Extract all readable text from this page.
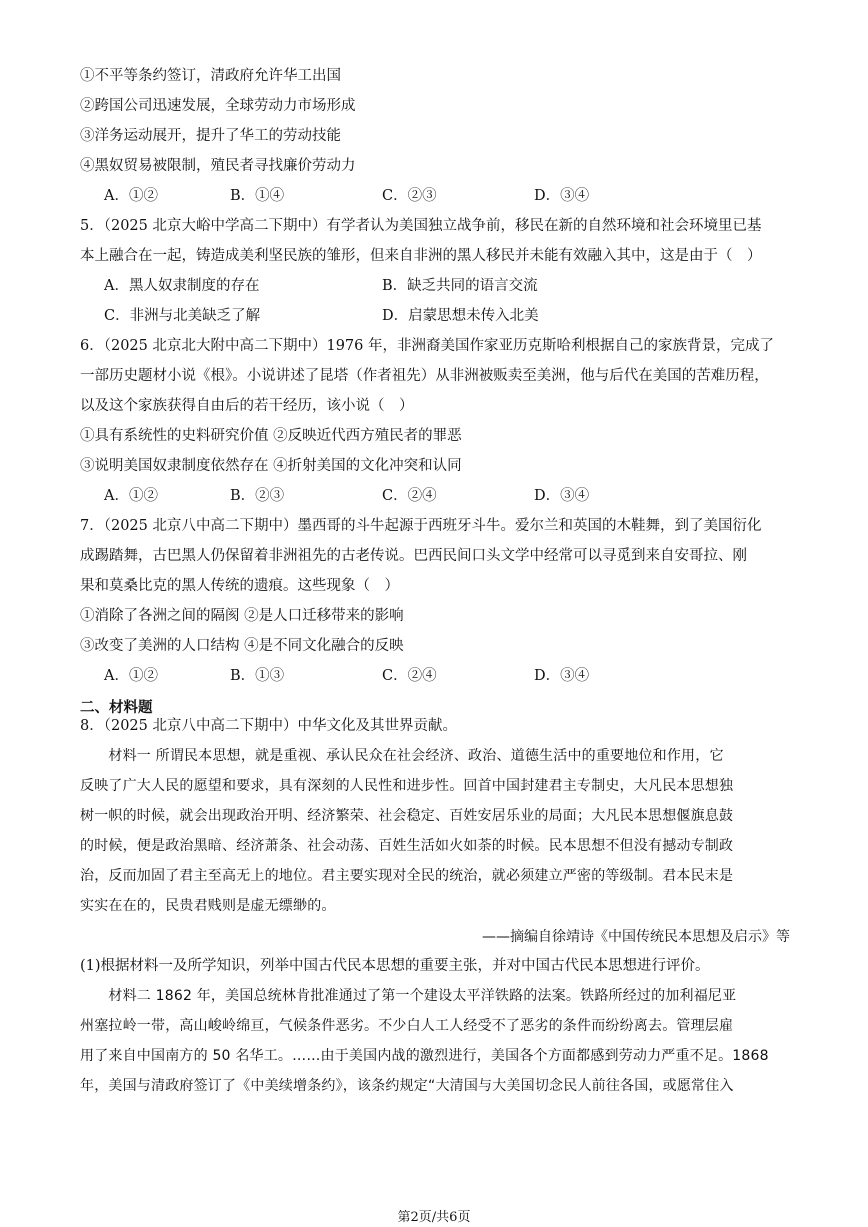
①不平等条约签订，清政府允许华工出国
②跨国公司迅速发展，全球劳动力市场形成
③洋务运动展开，提升了华工的劳动技能
④黑奴贸易被限制，殖民者寻找廉价劳动力
A．①②	B．①④	C．②③	D．③④
5．（2025 北京大峪中学高二下期中）有学者认为美国独立战争前，移民在新的自然环境和社会环境里已基
本上融合在一起，铸造成美利坚民族的雏形，但来自非洲的黑人移民并未能有效融入其中，这是由于（　）
A．黑人奴隶制度的存在	B．缺乏共同的语言交流
C．非洲与北美缺乏了解	D．启蒙思想未传入北美
6．（2025 北京北大附中高二下期中）1976 年，非洲裔美国作家亚历克斯哈利根据自己的家族背景，完成了
一部历史题材小说《根》。小说讲述了昆塔（作者祖先）从非洲被贩卖至美洲，他与后代在美国的苦难历程，
以及这个家族获得自由后的若干经历，该小说（　）
①具有系统性的史料研究价值 ②反映近代西方殖民者的罪恶
③说明美国奴隶制度依然存在 ④折射美国的文化冲突和认同
A．①②	B．②③	C．②④	D．③④
7．（2025 北京八中高二下期中）墨西哥的斗牛起源于西班牙斗牛。爱尔兰和英国的木鞋舞，到了美国衍化
成踢踏舞，古巴黑人仍保留着非洲祖先的古老传说。巴西民间口头文学中经常可以寻觅到来自安哥拉、刚
果和莫桑比克的黑人传统的遗痕。这些现象（　）
①消除了各洲之间的隔阂 ②是人口迁移带来的影响
③改变了美洲的人口结构 ④是不同文化融合的反映
A．①②	B．①③	C．②④	D．③④
二、材料题
8．（2025 北京八中高二下期中）中华文化及其世界贡献。
　　材料一 所谓民本思想，就是重视、承认民众在社会经济、政治、道德生活中的重要地位和作用，它
反映了广大人民的愿望和要求，具有深刻的人民性和进步性。回首中国封建君主专制史，大凡民本思想独
树一帜的时候，就会出现政治开明、经济繁荣、社会稳定、百姓安居乐业的局面；大凡民本思想偃旗息鼓
的时候，便是政治黑暗、经济萧条、社会动荡、百姓生活如火如荼的时候。民本思想不但没有撼动专制政
治，反而加固了君主至高无上的地位。君主要实现对全民的统治，就必须建立严密的等级制。君本民末是
实实在在的，民贵君贱则是虚无缥缈的。
——摘编自徐靖诗《中国传统民本思想及启示》等
(1)根据材料一及所学知识，列举中国古代民本思想的重要主张，并对中国古代民本思想进行评价。
　　材料二 1862 年，美国总统林肯批准通过了第一个建设太平洋铁路的法案。铁路所经过的加利福尼亚
州塞拉岭一带，高山峻岭绵亘，气候条件恶劣。不少白人工人经受不了恶劣的条件而纷纷离去。管理层雇
用了来自中国南方的 50 名华工。……由于美国内战的激烈进行，美国各个方面都感到劳动力严重不足。1868
年，美国与清政府签订了《中美续增条约》，该条约规定“大清国与大美国切念民人前往各国，或愿常住入
第2页/共6页
